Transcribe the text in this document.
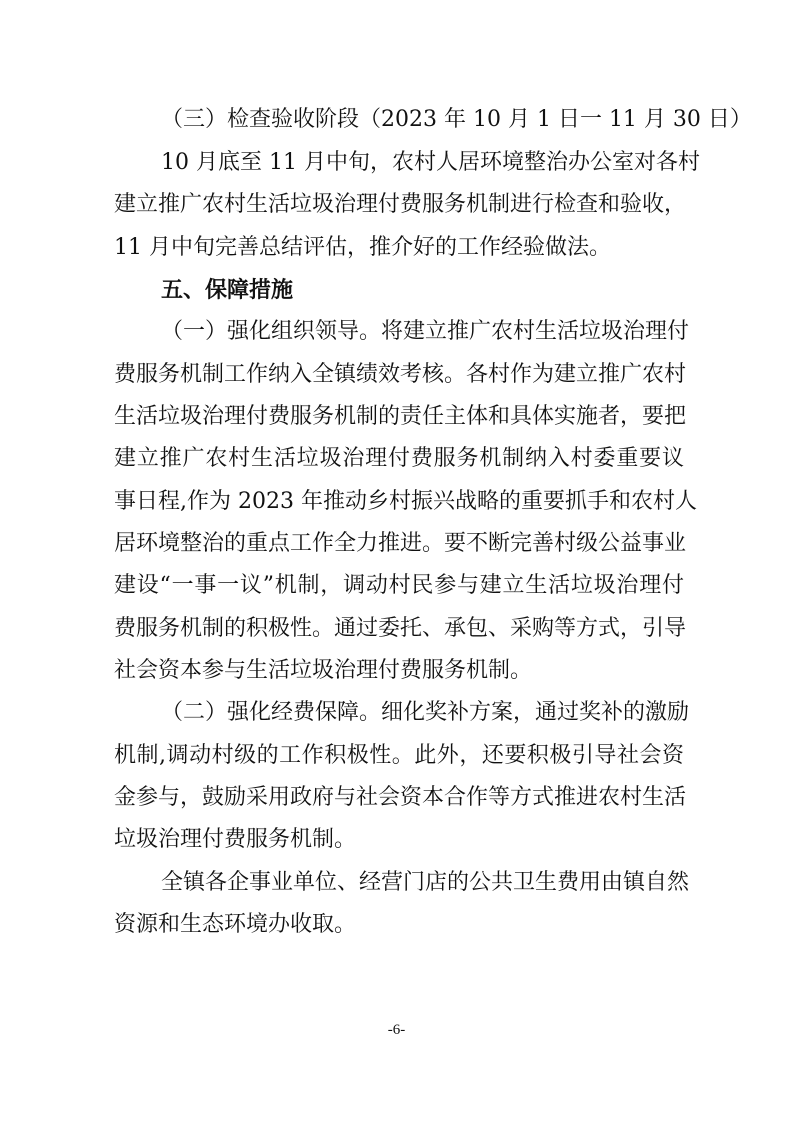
（三）检查验收阶段（2023 年 10 月 1 日一 11 月 30 日）
10 月底至 11 月中旬，农村人居环境整治办公室对各村
建立推广农村生活垃圾治理付费服务机制进行检查和验收，
11 月中旬完善总结评估，推介好的工作经验做法。
五、保障措施
（一）强化组织领导。将建立推广农村生活垃圾治理付
费服务机制工作纳入全镇绩效考核。各村作为建立推广农村
生活垃圾治理付费服务机制的责任主体和具体实施者，要把
建立推广农村生活垃圾治理付费服务机制纳入村委重要议
事日程,作为 2023 年推动乡村振兴战略的重要抓手和农村人
居环境整治的重点工作全力推进。要不断完善村级公益事业
建设“一事一议”机制，调动村民参与建立生活垃圾治理付
费服务机制的积极性。通过委托、承包、采购等方式，引导
社会资本参与生活垃圾治理付费服务机制。
（二）强化经费保障。细化奖补方案，通过奖补的激励
机制,调动村级的工作积极性。此外，还要积极引导社会资
金参与，鼓励采用政府与社会资本合作等方式推进农村生活
垃圾治理付费服务机制。
全镇各企事业单位、经营门店的公共卫生费用由镇自然
资源和生态环境办收取。
-6-
